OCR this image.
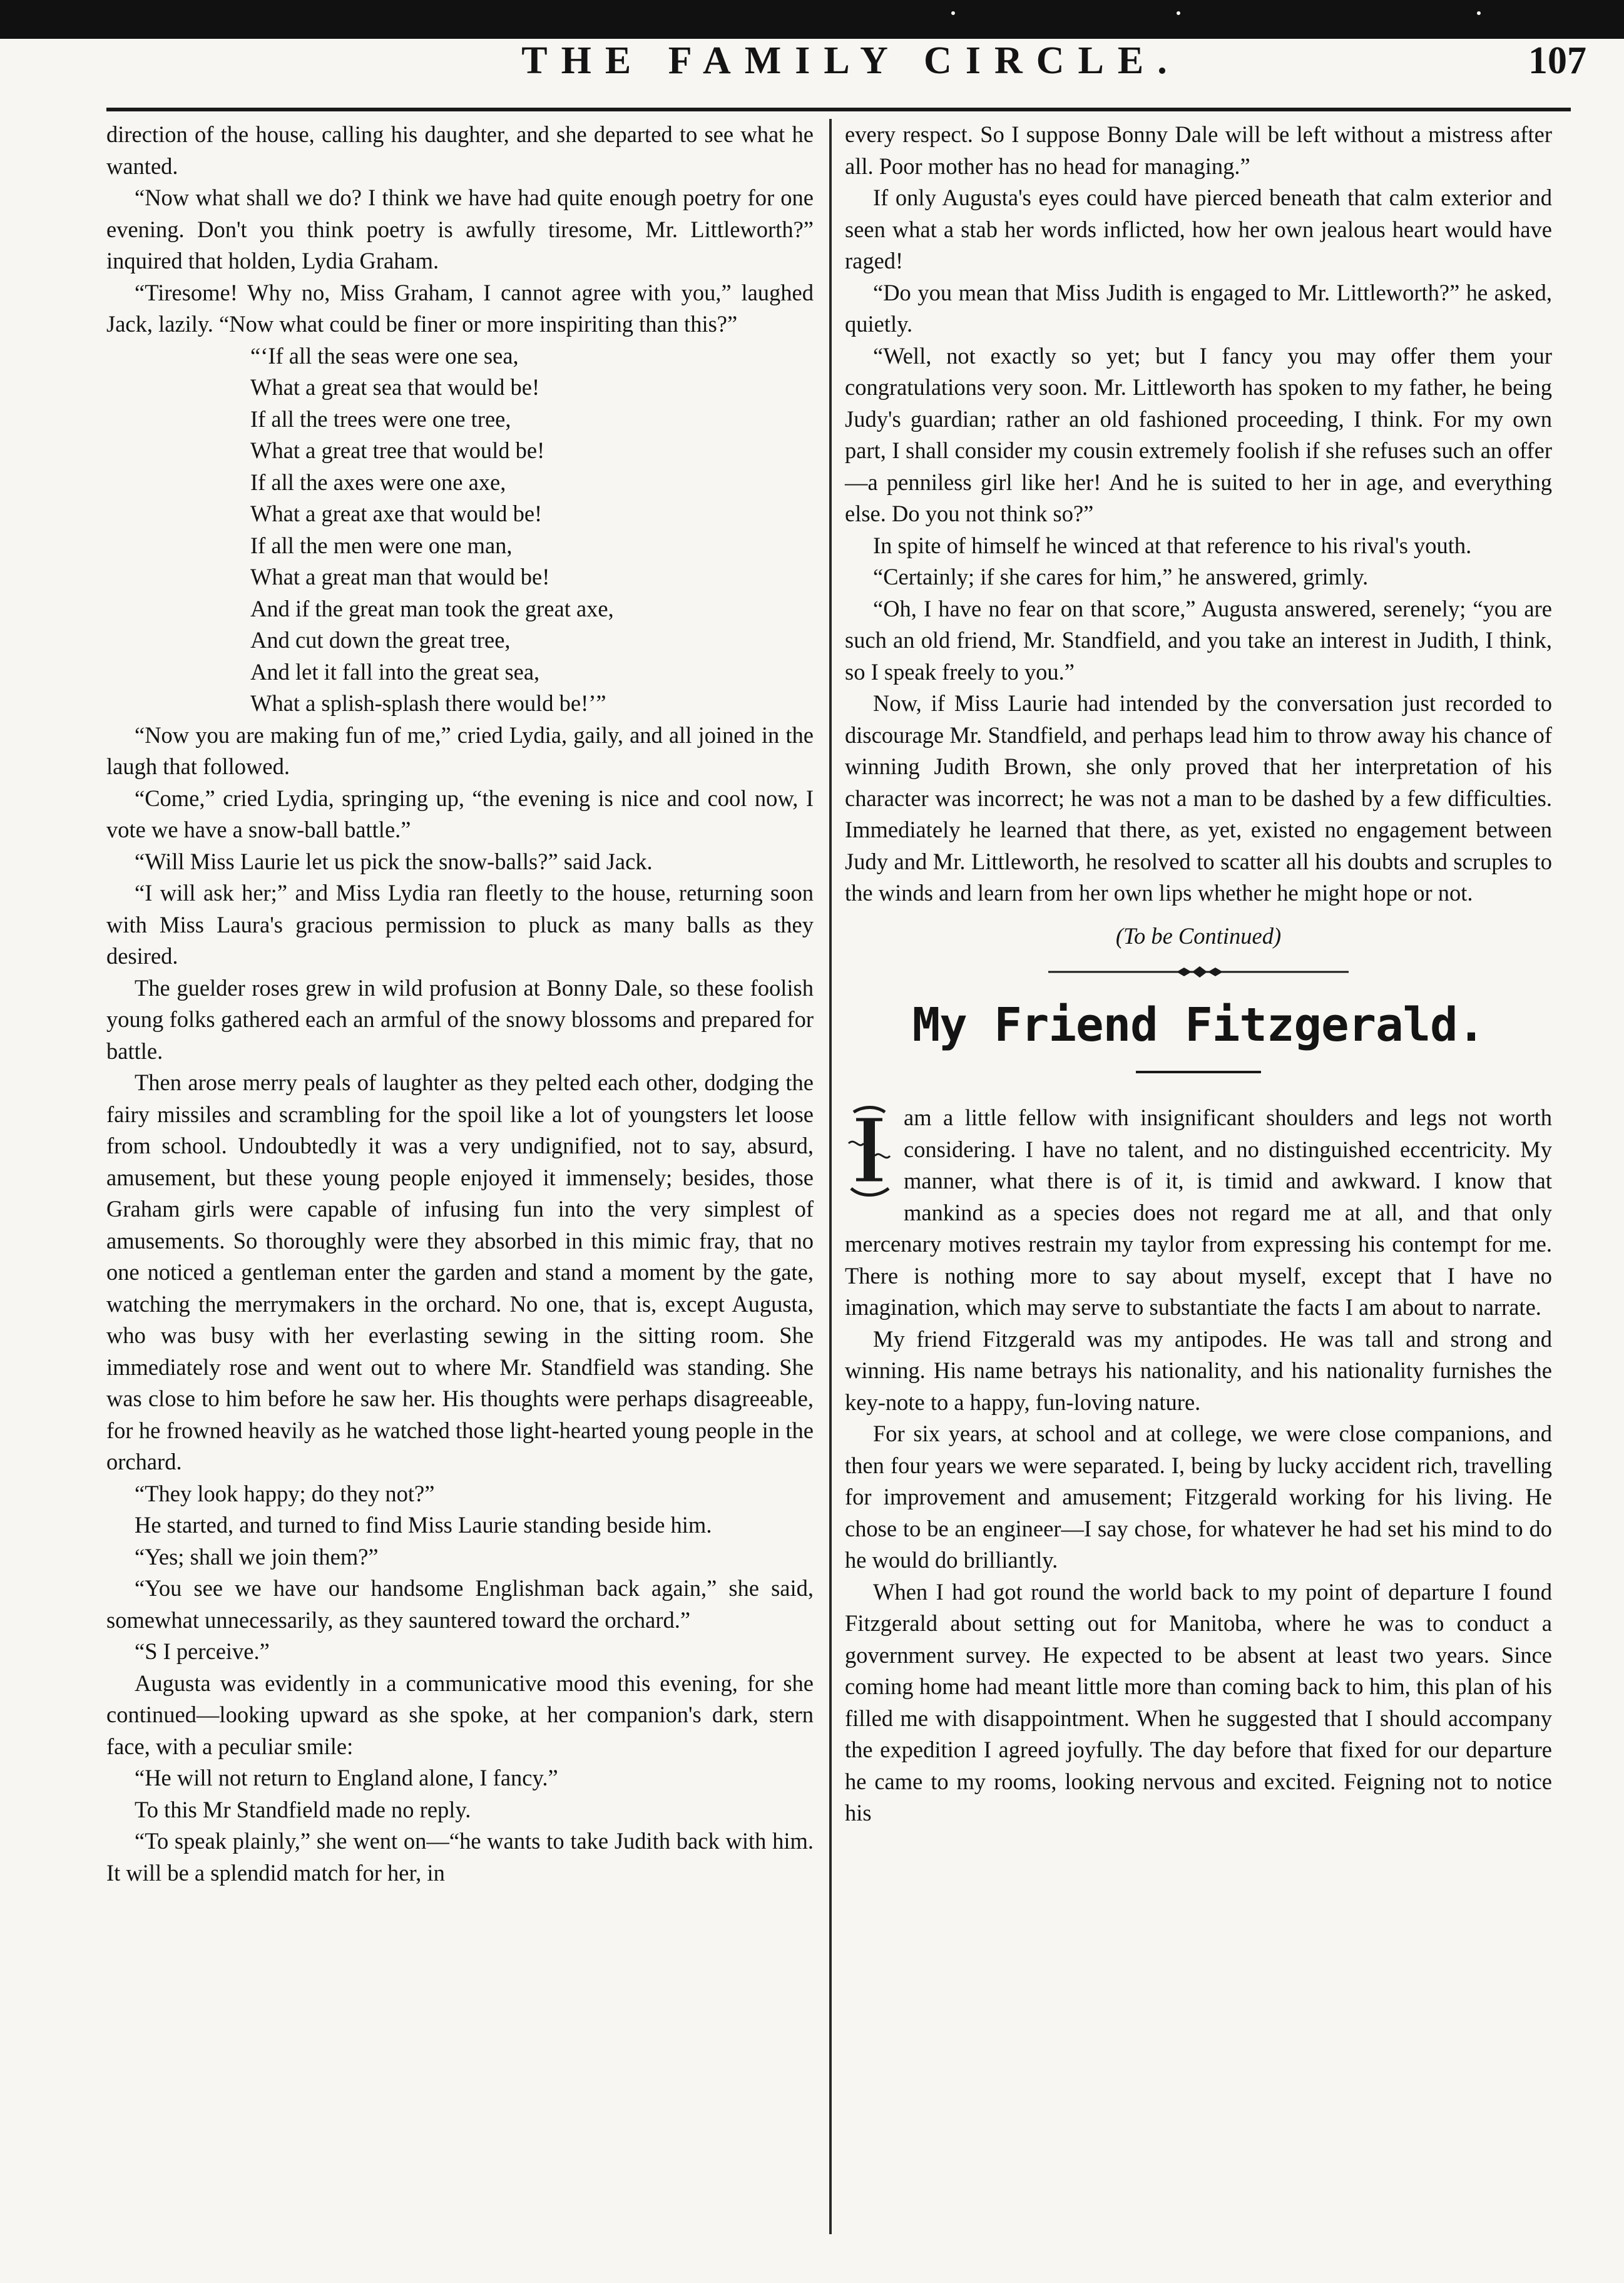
THE FAMILY CIRCLE.	107

direction of the house, calling his daughter, and she departed to see what he wanted.

“Now what shall we do? I think we have had quite enough poetry for one evening. Don't you think poetry is awfully tiresome, Mr. Littleworth?” inquired that holden, Lydia Graham.

“Tiresome! Why no, Miss Graham, I cannot agree with you,” laughed Jack, lazily. “Now what could be finer or more inspiriting than this?”

“‘If all the seas were one sea,

What a great sea that would be!

If all the trees were one tree,

What a great tree that would be!

If all the axes were one axe,

What a great axe that would be!

If all the men were one man,

What a great man that would be!

And if the great man took the great axe,

And cut down the great tree,

And let it fall into the great sea,

What a splish-splash there would be!’”

“Now you are making fun of me,” cried Lydia, gaily, and all joined in the laugh that followed.

“Come,” cried Lydia, springing up, “the evening is nice and cool now, I vote we have a snow-ball battle.”

“Will Miss Laurie let us pick the snow-balls?” said Jack.

“I will ask her;” and Miss Lydia ran fleetly to the house, returning soon with Miss Laura's gracious permission to pluck as many balls as they desired.

The guelder roses grew in wild profusion at Bonny Dale, so these foolish young folks gathered each an armful of the snowy blossoms and prepared for battle.

Then arose merry peals of laughter as they pelted each other, dodging the fairy missiles and scrambling for the spoil like a lot of youngsters let loose from school. Undoubtedly it was a very undignified, not to say, absurd, amusement, but these young people enjoyed it immensely; besides, those Graham girls were capable of infusing fun into the very simplest of amusements. So thoroughly were they absorbed in this mimic fray, that no one noticed a gentleman enter the garden and stand a moment by the gate, watching the merrymakers in the orchard. No one, that is, except Augusta, who was busy with her everlasting sewing in the sitting room. She immediately rose and went out to where Mr. Standfield was standing. She was close to him before he saw her. His thoughts were perhaps disagreeable, for he frowned heavily as he watched those light-hearted young people in the orchard.

“They look happy; do they not?”

He started, and turned to find Miss Laurie standing beside him.

“Yes; shall we join them?”

“You see we have our handsome Englishman back again,” she said, somewhat unnecessarily, as they sauntered toward the orchard.”

“S I perceive.”

Augusta was evidently in a communicative mood this evening, for she continued—looking upward as she spoke, at her companion's dark, stern face, with a peculiar smile:

“He will not return to England alone, I fancy.”

To this Mr Standfield made no reply.

“To speak plainly,” she went on—“he wants to take Judith back with him. It will be a splendid match for her, in

every respect. So I suppose Bonny Dale will be left without a mistress after all. Poor mother has no head for managing.”

If only Augusta's eyes could have pierced beneath that calm exterior and seen what a stab her words inflicted, how her own jealous heart would have raged!

“Do you mean that Miss Judith is engaged to Mr. Littleworth?” he asked, quietly.

“Well, not exactly so yet; but I fancy you may offer them your congratulations very soon. Mr. Littleworth has spoken to my father, he being Judy's guardian; rather an old fashioned proceeding, I think. For my own part, I shall consider my cousin extremely foolish if she refuses such an offer—a penniless girl like her! And he is suited to her in age, and everything else. Do you not think so?”

In spite of himself he winced at that reference to his rival's youth.

“Certainly; if she cares for him,” he answered, grimly.

“Oh, I have no fear on that score,” Augusta answered, serenely; “you are such an old friend, Mr. Standfield, and you take an interest in Judith, I think, so I speak freely to you.”

Now, if Miss Laurie had intended by the conversation just recorded to discourage Mr. Standfield, and perhaps lead him to throw away his chance of winning Judith Brown, she only proved that her interpretation of his character was incorrect; he was not a man to be dashed by a few difficulties. Immediately he learned that there, as yet, existed no engagement between Judy and Mr. Littleworth, he resolved to scatter all his doubts and scruples to the winds and learn from her own lips whether he might hope or not.

(To be Continued)

My Friend Fitzgerald.

am a little fellow with insignificant shoulders and legs not worth considering. I have no talent, and no distinguished eccentricity. My manner, what there is of it, is timid and awkward. I know that mankind as a species does not regard me at all, and that only mercenary motives restrain my taylor from expressing his contempt for me. There is nothing more to say about myself, except that I have no imagination, which may serve to substantiate the facts I am about to narrate.

My friend Fitzgerald was my antipodes. He was tall and strong and winning. His name betrays his nationality, and his nationality furnishes the key-note to a happy, fun-loving nature.

For six years, at school and at college, we were close companions, and then four years we were separated. I, being by lucky accident rich, travelling for improvement and amusement; Fitzgerald working for his living. He chose to be an engineer—I say chose, for whatever he had set his mind to do he would do brilliantly.

When I had got round the world back to my point of departure I found Fitzgerald about setting out for Manitoba, where he was to conduct a government survey. He expected to be absent at least two years. Since coming home had meant little more than coming back to him, this plan of his filled me with disappointment. When he suggested that I should accompany the expedition I agreed joyfully. The day before that fixed for our departure he came to my rooms, looking nervous and excited. Feigning not to notice his
